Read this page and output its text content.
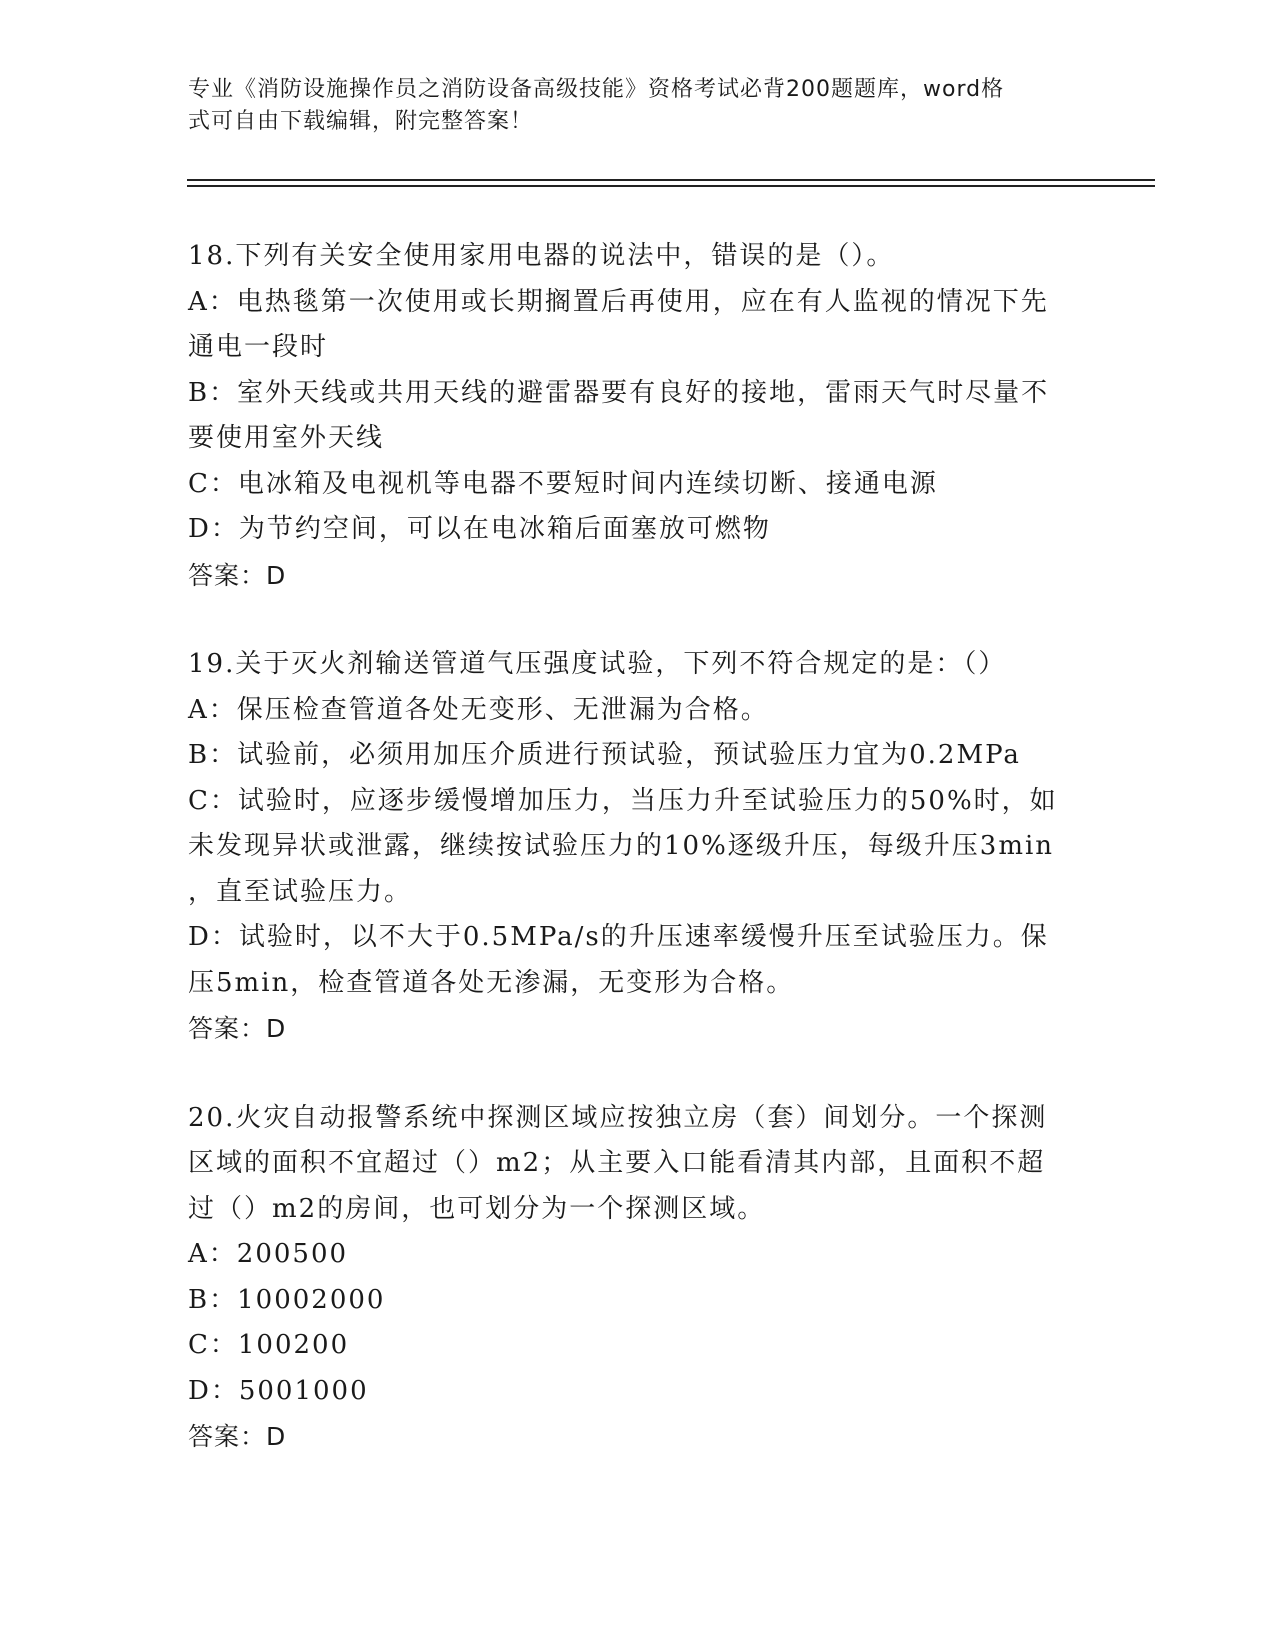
专业《消防设施操作员之消防设备高级技能》资格考试必背200题题库，word格
式可自由下载编辑，附完整答案！
18.下列有关安全使用家用电器的说法中，错误的是（）。
A：电热毯第一次使用或长期搁置后再使用，应在有人监视的情况下先
通电一段时
B：室外天线或共用天线的避雷器要有良好的接地，雷雨天气时尽量不
要使用室外天线
C：电冰箱及电视机等电器不要短时间内连续切断、接通电源
D：为节约空间，可以在电冰箱后面塞放可燃物
答案：D
19.关于灭火剂输送管道气压强度试验，下列不符合规定的是：（）
A：保压检查管道各处无变形、无泄漏为合格。
B：试验前，必须用加压介质进行预试验，预试验压力宜为0.2MPa
C：试验时，应逐步缓慢增加压力，当压力升至试验压力的50%时，如
未发现异状或泄露，继续按试验压力的10%逐级升压，每级升压3min
，直至试验压力。
D：试验时，以不大于0.5MPa/s的升压速率缓慢升压至试验压力。保
压5min，检查管道各处无渗漏，无变形为合格。
答案：D
20.火灾自动报警系统中探测区域应按独立房（套）间划分。一个探测
区域的面积不宜超过（）m2；从主要入口能看清其内部，且面积不超
过（）m2的房间，也可划分为一个探测区域。
A：200500
B：10002000
C：100200
D：5001000
答案：D
